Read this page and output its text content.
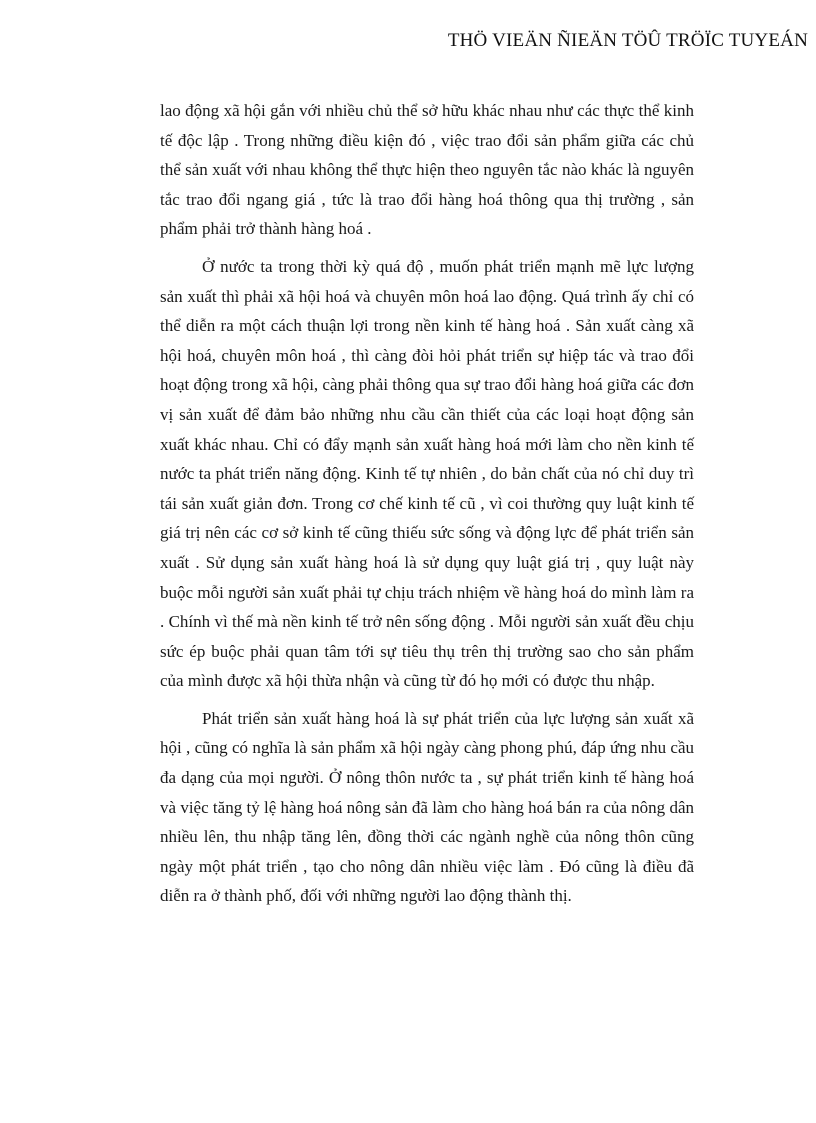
THÖ VIEÄN ÑIEÄN TÖÛ TRÖÏC TUYEÁN

lao động xã hội gắn với nhiều chủ thể sở hữu khác nhau như các thực thể kinh tế độc lập . Trong những điều kiện đó , việc trao đổi sản phẩm giữa các chủ thể sản xuất với nhau không thể thực hiện theo nguyên tắc nào khác là nguyên tắc trao đổi ngang giá , tức là trao đổi hàng hoá thông qua thị trường , sản phẩm phải trở thành hàng hoá .

Ở nước ta trong thời kỳ quá độ , muốn phát triển mạnh mẽ lực lượng sản xuất thì phải xã hội hoá và chuyên môn hoá lao động. Quá trình ấy chỉ có thể diễn ra một cách thuận lợi trong nền kinh tế hàng hoá . Sản xuất càng xã hội hoá, chuyên môn hoá , thì càng đòi hỏi phát triển sự hiệp tác và trao đổi hoạt động trong xã hội, càng phải thông qua sự trao đổi hàng hoá giữa các đơn vị sản xuất để đảm bảo những nhu cầu cần thiết của các loại hoạt động sản xuất khác nhau. Chỉ có đẩy mạnh sản xuất hàng hoá mới làm cho nền kinh tế nước ta phát triển năng động. Kinh tế tự nhiên , do bản chất của nó chỉ duy trì tái sản xuất giản đơn. Trong cơ chế kinh tế cũ , vì coi thường quy luật kinh tế giá trị nên các cơ sở kinh tế cũng thiếu sức sống và động lực để phát triển sản xuất . Sử dụng sản xuất hàng hoá là sử dụng quy luật giá trị , quy luật này buộc mỗi người sản xuất phải tự chịu trách nhiệm về hàng hoá do mình làm ra . Chính vì thế mà nền kinh tế trở nên sống động . Mỗi người sản xuất đều chịu sức ép buộc phải quan tâm tới sự tiêu thụ trên thị trường sao cho sản phẩm của mình được xã hội thừa nhận và cũng từ đó họ mới có được thu nhập.

Phát triển sản xuất hàng hoá là sự phát triển của lực lượng sản xuất xã hội , cũng có nghĩa là sản phẩm xã hội ngày càng phong phú, đáp ứng nhu cầu đa dạng của mọi người. Ở nông thôn nước ta , sự phát triển kinh tế hàng hoá và việc tăng tỷ lệ hàng hoá nông sản đã làm cho hàng hoá bán ra của nông dân nhiều lên, thu nhập tăng lên, đồng thời các ngành nghề của nông thôn cũng ngày một phát triển , tạo cho nông dân nhiều việc làm . Đó cũng là điều đã diễn ra ở thành phố, đối với những người lao động thành thị.
